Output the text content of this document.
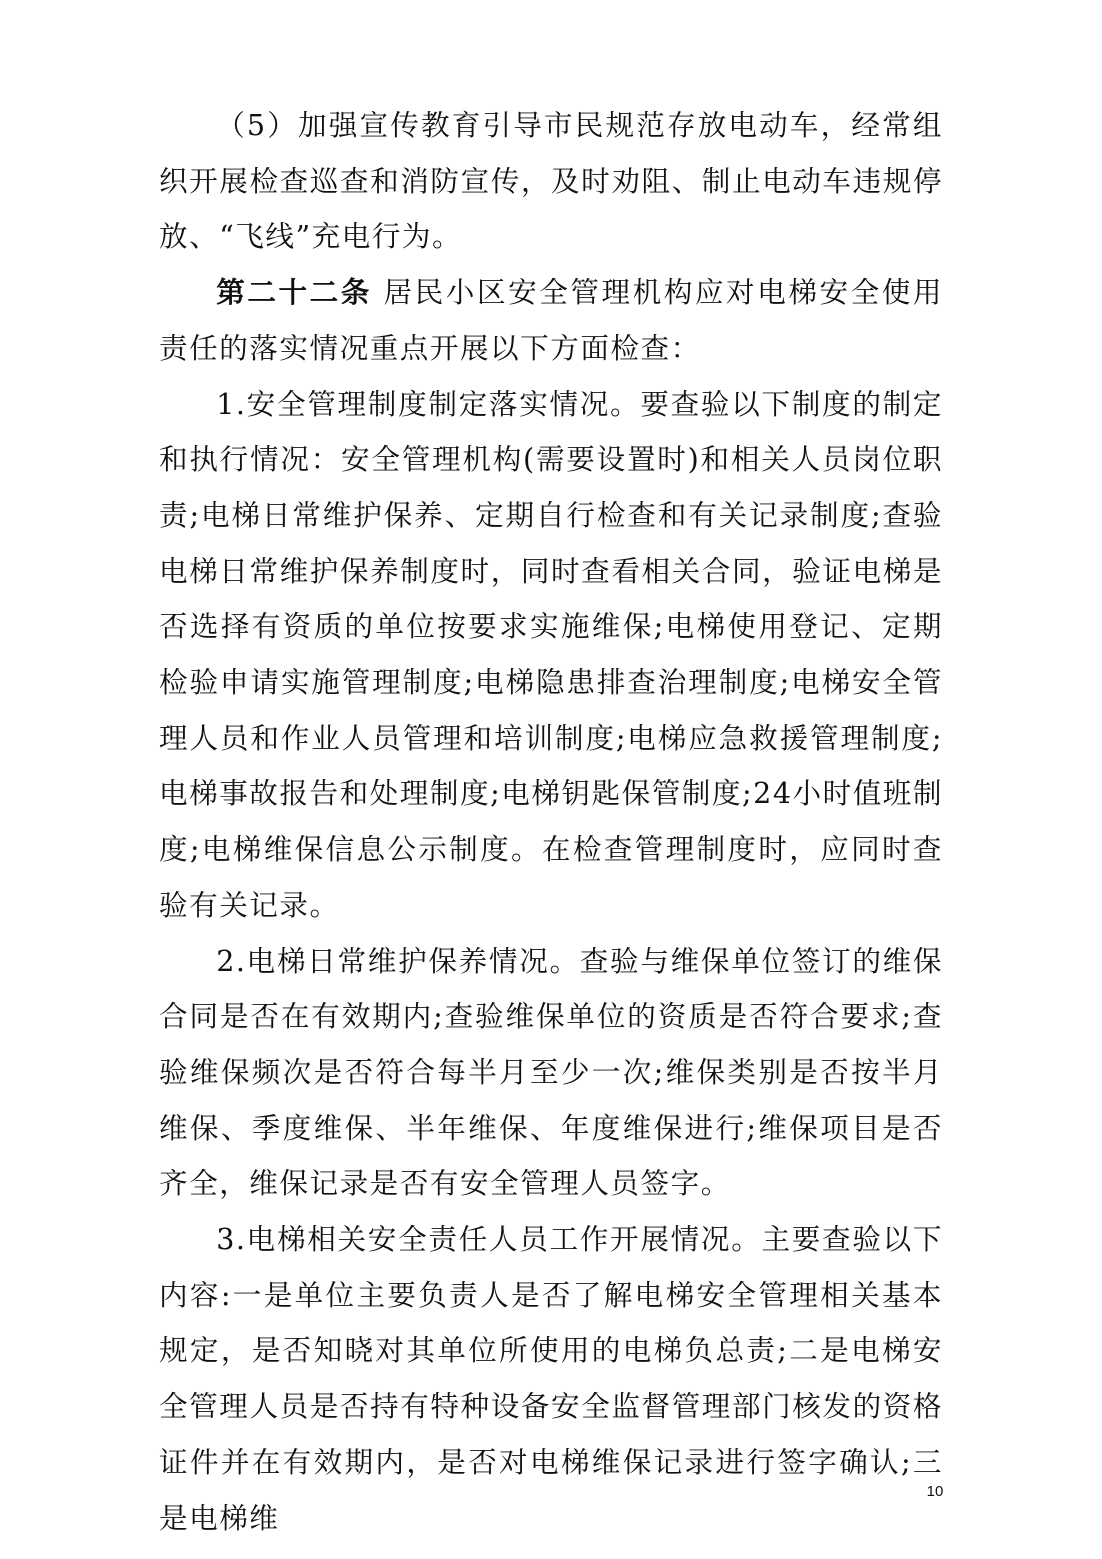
（5）加强宣传教育引导市民规范存放电动车，经常组织开展检查巡查和消防宣传，及时劝阻、制止电动车违规停放、“飞线”充电行为。

第二十二条 居民小区安全管理机构应对电梯安全使用责任的落实情况重点开展以下方面检查：

1.安全管理制度制定落实情况。要查验以下制度的制定和执行情况：安全管理机构(需要设置时)和相关人员岗位职责;电梯日常维护保养、定期自行检查和有关记录制度;查验电梯日常维护保养制度时，同时查看相关合同，验证电梯是否选择有资质的单位按要求实施维保;电梯使用登记、定期检验申请实施管理制度;电梯隐患排查治理制度;电梯安全管理人员和作业人员管理和培训制度;电梯应急救援管理制度;电梯事故报告和处理制度;电梯钥匙保管制度;24小时值班制度;电梯维保信息公示制度。在检查管理制度时，应同时查验有关记录。

2.电梯日常维护保养情况。查验与维保单位签订的维保合同是否在有效期内;查验维保单位的资质是否符合要求;查验维保频次是否符合每半月至少一次;维保类别是否按半月维保、季度维保、半年维保、年度维保进行;维保项目是否齐全，维保记录是否有安全管理人员签字。

3.电梯相关安全责任人员工作开展情况。主要查验以下内容:一是单位主要负责人是否了解电梯安全管理相关基本规定，是否知晓对其单位所使用的电梯负总责;二是电梯安全管理人员是否持有特种设备安全监督管理部门核发的资格证件并在有效期内，是否对电梯维保记录进行签字确认;三是电梯维

10
